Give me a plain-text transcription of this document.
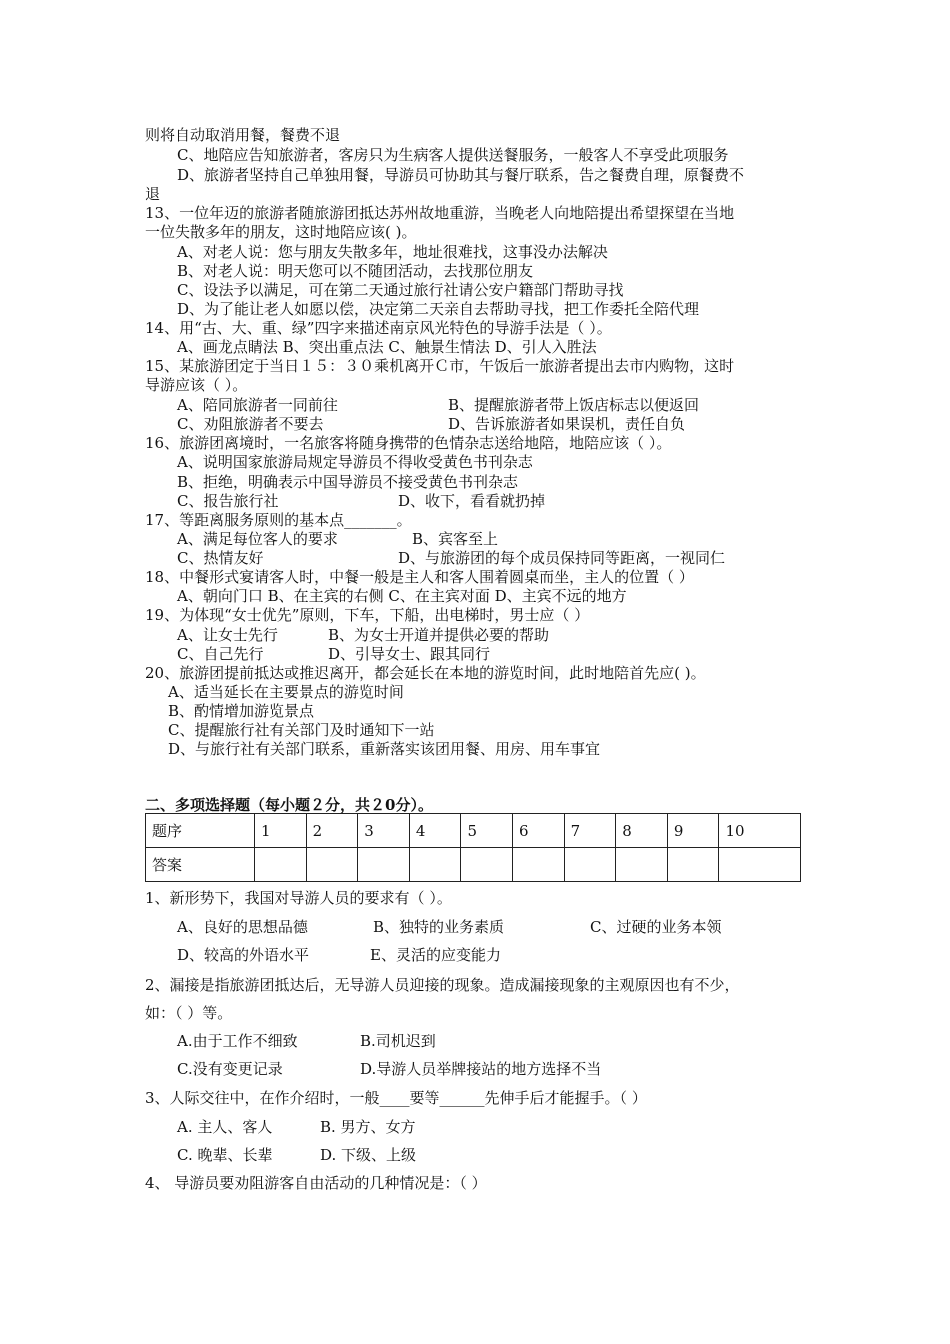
则将自动取消用餐，餐费不退
C、地陪应告知旅游者，客房只为生病客人提供送餐服务，一般客人不享受此项服务
D、旅游者坚持自己单独用餐，导游员可协助其与餐厅联系，告之餐费自理，原餐费不
退
13、一位年迈的旅游者随旅游团抵达苏州故地重游，当晚老人向地陪提出希望探望在当地
一位失散多年的朋友，这时地陪应该( )。
A、对老人说：您与朋友失散多年，地址很难找，这事没办法解决
B、对老人说：明天您可以不随团活动，去找那位朋友
C、设法予以满足，可在第二天通过旅行社请公安户籍部门帮助寻找
D、为了能让老人如愿以偿，决定第二天亲自去帮助寻找，把工作委托全陪代理
14、用“古、大、重、绿”四字来描述南京风光特色的导游手法是（ ）。
A、画龙点睛法 B、突出重点法 C、触景生情法 D、引人入胜法
15、某旅游团定于当日１５：３０乘机离开Ｃ市，午饭后一旅游者提出去市内购物，这时
导游应该（ ）。
A、陪同旅游者一同前往	B、提醒旅游者带上饭店标志以便返回
C、劝阻旅游者不要去	D、告诉旅游者如果误机，责任自负
16、旅游团离境时，一名旅客将随身携带的色情杂志送给地陪，地陪应该（ ）。
A、说明国家旅游局规定导游员不得收受黄色书刊杂志
B、拒绝，明确表示中国导游员不接受黄色书刊杂志
C、报告旅行社	D、收下，看看就扔掉
17、等距离服务原则的基本点_______。
A、满足每位客人的要求	B、宾客至上
C、热情友好	D、与旅游团的每个成员保持同等距离，一视同仁
18、中餐形式宴请客人时，中餐一般是主人和客人围着圆桌而坐，主人的位置（ ）
A、朝向门口 B、在主宾的右侧 C、在主宾对面 D、主宾不远的地方
19、为体现“女士优先”原则，下车，下船，出电梯时，男士应（ ）
A、让女士先行	B、为女士开道并提供必要的帮助
C、自己先行	D、引导女士、跟其同行
20、旅游团提前抵达或推迟离开，都会延长在本地的游览时间，此时地陪首先应( )。
A、适当延长在主要景点的游览时间
B、酌情增加游览景点
C、提醒旅行社有关部门及时通知下一站
D、与旅行社有关部门联系，重新落实该团用餐、用房、用车事宜
二、多项选择题（每小题２分，共２0分）。
题序	1	2	3	4	5	6	7	8	9	10
答案										
1、新形势下，我国对导游人员的要求有（ ）。
A、良好的思想品德	B、独特的业务素质	C、过硬的业务本领
D、较高的外语水平	E、灵活的应变能力
2、漏接是指旅游团抵达后，无导游人员迎接的现象。造成漏接现象的主观原因也有不少，
如：（ ）等。
A.由于工作不细致	B.司机迟到
C.没有变更记录	D.导游人员举牌接站的地方选择不当
3、人际交往中，在作介绍时，一般____要等______先伸手后才能握手。（ ）
A. 主人、客人	B. 男方、女方
C. 晚辈、长辈	D. 下级、上级
4、 导游员要劝阻游客自由活动的几种情况是：（ ）
